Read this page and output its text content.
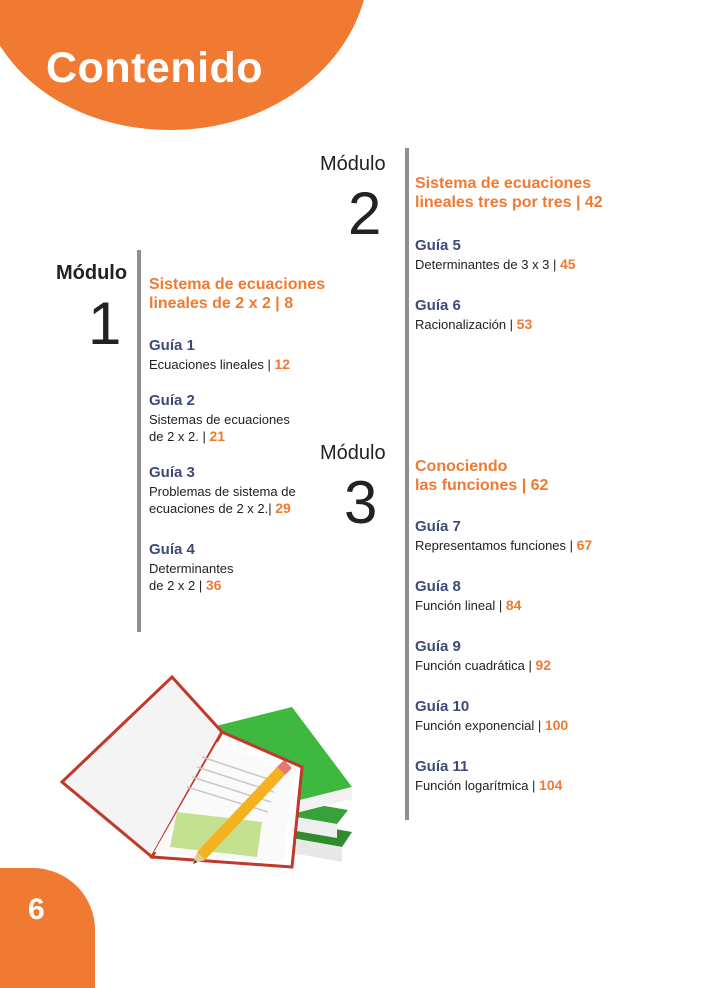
Contenido
Módulo
1
Sistema de ecuaciones
lineales de 2 x 2 | 8
Guía 1
Ecuaciones lineales | 12
Guía 2
Sistemas de ecuaciones
de 2 x 2. | 21
Guía 3
Problemas de sistema de
ecuaciones de 2 x 2.| 29
Guía 4
Determinantes
de 2 x 2 | 36
Módulo
2 Sistema de ecuaciones
lineales tres por tres | 42
Guía 5
Determinantes de 3 x 3 | 45
Guía 6
Racionalización | 53
Módulo
3
Conociendo
las funciones | 62
Guía 7
Representamos funciones | 67
Guía 8
Función lineal | 84
Guía 9
Función cuadrática | 92
Guía 10
Función exponencial | 100
Guía 11
Función logarítmica | 104
6
